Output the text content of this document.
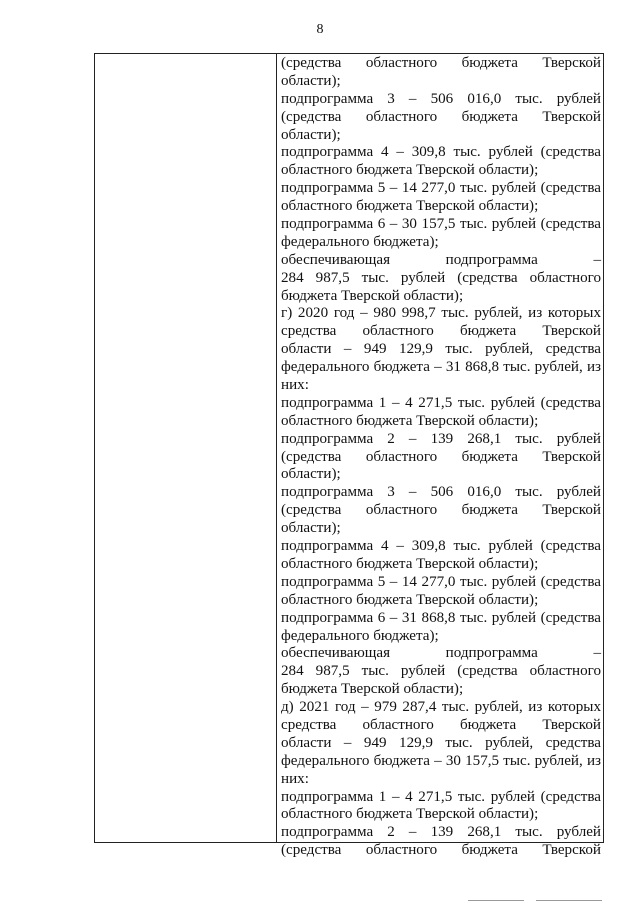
8
(средства областного бюджета Тверской
области);
подпрограмма 3 – 506 016,0 тыс. рублей
(средства областного бюджета Тверской
области);
подпрограмма 4 – 309,8 тыс. рублей (средства
областного бюджета Тверской области);
подпрограмма 5 – 14 277,0 тыс. рублей (средства
областного бюджета Тверской области);
подпрограмма 6 – 30 157,5 тыс. рублей (средства
федерального бюджета);
обеспечивающая подпрограмма –
284 987,5 тыс. рублей (средства областного
бюджета Тверской области);
г) 2020 год – 980 998,7 тыс. рублей, из которых
средства областного бюджета Тверской
области – 949 129,9 тыс. рублей, средства
федерального бюджета – 31 868,8 тыс. рублей, из
них:
подпрограмма 1 – 4 271,5 тыс. рублей (средства
областного бюджета Тверской области);
подпрограмма 2 – 139 268,1 тыс. рублей
(средства областного бюджета Тверской
области);
подпрограмма 3 – 506 016,0 тыс. рублей
(средства областного бюджета Тверской
области);
подпрограмма 4 – 309,8 тыс. рублей (средства
областного бюджета Тверской области);
подпрограмма 5 – 14 277,0 тыс. рублей (средства
областного бюджета Тверской области);
подпрограмма 6 – 31 868,8 тыс. рублей (средства
федерального бюджета);
обеспечивающая подпрограмма –
284 987,5 тыс. рублей (средства областного
бюджета Тверской области);
д) 2021 год – 979 287,4 тыс. рублей, из которых
средства областного бюджета Тверской
области – 949 129,9 тыс. рублей, средства
федерального бюджета – 30 157,5 тыс. рублей, из
них:
подпрограмма 1 – 4 271,5 тыс. рублей (средства
областного бюджета Тверской области);
подпрограмма 2 – 139 268,1 тыс. рублей
(средства областного бюджета Тверской
